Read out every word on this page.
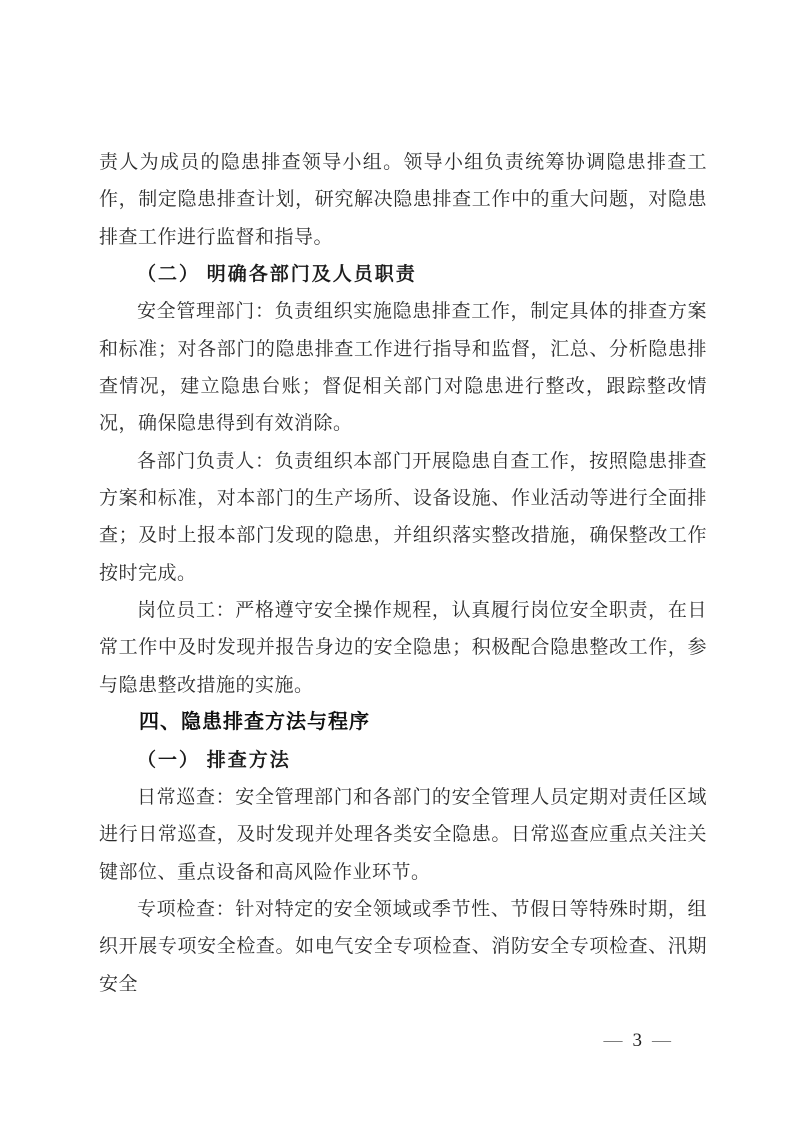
责人为成员的隐患排查领导小组。领导小组负责统筹协调隐患排查工作，制定隐患排查计划，研究解决隐患排查工作中的重大问题，对隐患排查工作进行监督和指导。

（二） 明确各部门及人员职责

安全管理部门：负责组织实施隐患排查工作，制定具体的排查方案和标准；对各部门的隐患排查工作进行指导和监督，汇总、分析隐患排查情况，建立隐患台账；督促相关部门对隐患进行整改，跟踪整改情况，确保隐患得到有效消除。

各部门负责人：负责组织本部门开展隐患自查工作，按照隐患排查方案和标准，对本部门的生产场所、设备设施、作业活动等进行全面排查；及时上报本部门发现的隐患，并组织落实整改措施，确保整改工作按时完成。

岗位员工：严格遵守安全操作规程，认真履行岗位安全职责，在日常工作中及时发现并报告身边的安全隐患；积极配合隐患整改工作，参与隐患整改措施的实施。

四、隐患排查方法与程序

（一） 排查方法

日常巡查：安全管理部门和各部门的安全管理人员定期对责任区域进行日常巡查，及时发现并处理各类安全隐患。日常巡查应重点关注关键部位、重点设备和高风险作业环节。

专项检查：针对特定的安全领域或季节性、节假日等特殊时期，组织开展专项安全检查。如电气安全专项检查、消防安全专项检查、汛期安全

— 3 —
